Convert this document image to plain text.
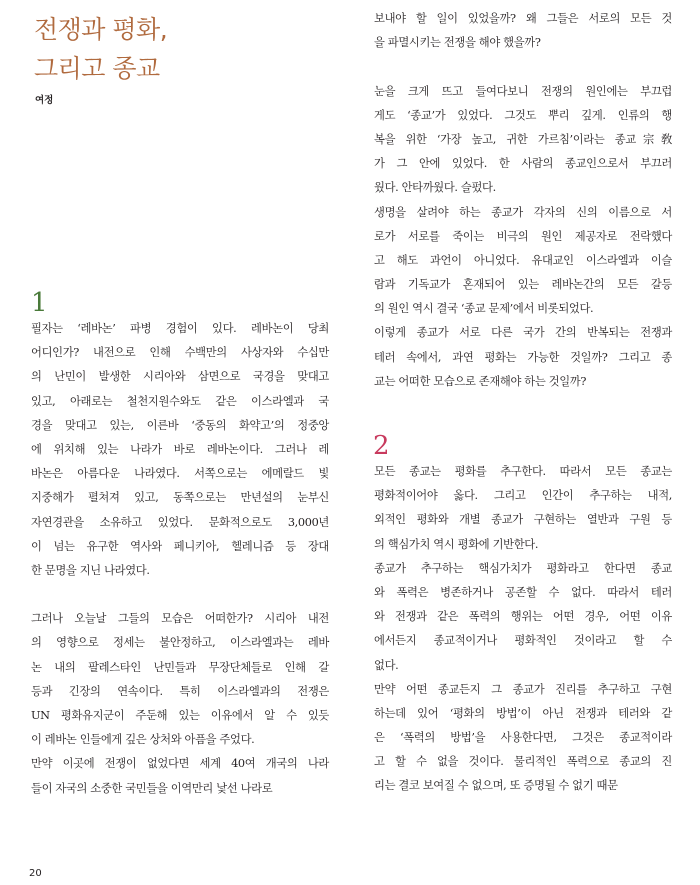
전쟁과 평화,
그리고 종교
여정
1
필자는 ‘레바논’ 파병 경험이 있다. 레바논이 당최
어디인가? 내전으로 인해 수백만의 사상자와 수십만
의 난민이 발생한 시리아와 삼면으로 국경을 맞대고
있고, 아래로는 철천지원수와도 같은 이스라엘과 국
경을 맞대고 있는, 이른바 ‘중동의 화약고’의 정중앙
에 위치해 있는 나라가 바로 레바논이다. 그러나 레
바논은 아름다운 나라였다. 서쪽으로는 에메랄드 빛
지중해가 펼쳐져 있고, 동쪽으로는 만년설의 눈부신
자연경관을 소유하고 있었다. 문화적으로도 3,000년
이 넘는 유구한 역사와 페니키아, 헬레니즘 등 장대
한 문명을 지닌 나라였다.
그러나 오늘날 그들의 모습은 어떠한가? 시리아 내전
의 영향으로 정세는 불안정하고, 이스라엘과는 레바
논 내의 팔레스타인 난민들과 무장단체들로 인해 갈
등과 긴장의 연속이다. 특히 이스라엘과의 전쟁은
UN 평화유지군이 주둔해 있는 이유에서 알 수 있듯
이 레바논 인들에게 깊은 상처와 아픔을 주었다.
만약 이곳에 전쟁이 없었다면 세계 40여 개국의 나라
들이 자국의 소중한 국민들을 이역만리 낯선 나라로
보내야 할 일이 있었을까? 왜 그들은 서로의 모든 것
을 파멸시키는 전쟁을 해야 했을까?
눈을 크게 뜨고 들여다보니 전쟁의 원인에는 부끄럽
게도 ‘종교’가 있었다. 그것도 뿌리 깊게. 인류의 행
복을 위한 ‘가장 높고, 귀한 가르침’이라는 종교宗敎
가 그 안에 있었다. 한 사람의 종교인으로서 부끄러
웠다. 안타까웠다. 슬펐다.
생명을 살려야 하는 종교가 각자의 신의 이름으로 서
로가 서로를 죽이는 비극의 원인 제공자로 전락했다
고 해도 과언이 아니었다. 유대교인 이스라엘과 이슬
람과 기독교가 혼재되어 있는 레바논간의 모든 갈등
의 원인 역시 결국 ‘종교 문제’에서 비롯되었다.
이렇게 종교가 서로 다른 국가 간의 반복되는 전쟁과
테러 속에서, 과연 평화는 가능한 것일까? 그리고 종
교는 어떠한 모습으로 존재해야 하는 것일까?
2
모든 종교는 평화를 추구한다. 따라서 모든 종교는
평화적이어야 옳다. 그리고 인간이 추구하는 내적,
외적인 평화와 개별 종교가 구현하는 열반과 구원 등
의 핵심가치 역시 평화에 기반한다.
종교가 추구하는 핵심가치가 평화라고 한다면 종교
와 폭력은 병존하거나 공존할 수 없다. 따라서 테러
와 전쟁과 같은 폭력의 행위는 어떤 경우, 어떤 이유
에서든지 종교적이거나 평화적인 것이라고 할 수
없다.
만약 어떤 종교든지 그 종교가 진리를 추구하고 구현
하는데 있어 ‘평화의 방법’이 아닌 전쟁과 테러와 같
은 ‘폭력의 방법’을 사용한다면, 그것은 종교적이라
고 할 수 없을 것이다. 물리적인 폭력으로 종교의 진
리는 결코 보여질 수 없으며, 또 증명될 수 없기 때문
20
